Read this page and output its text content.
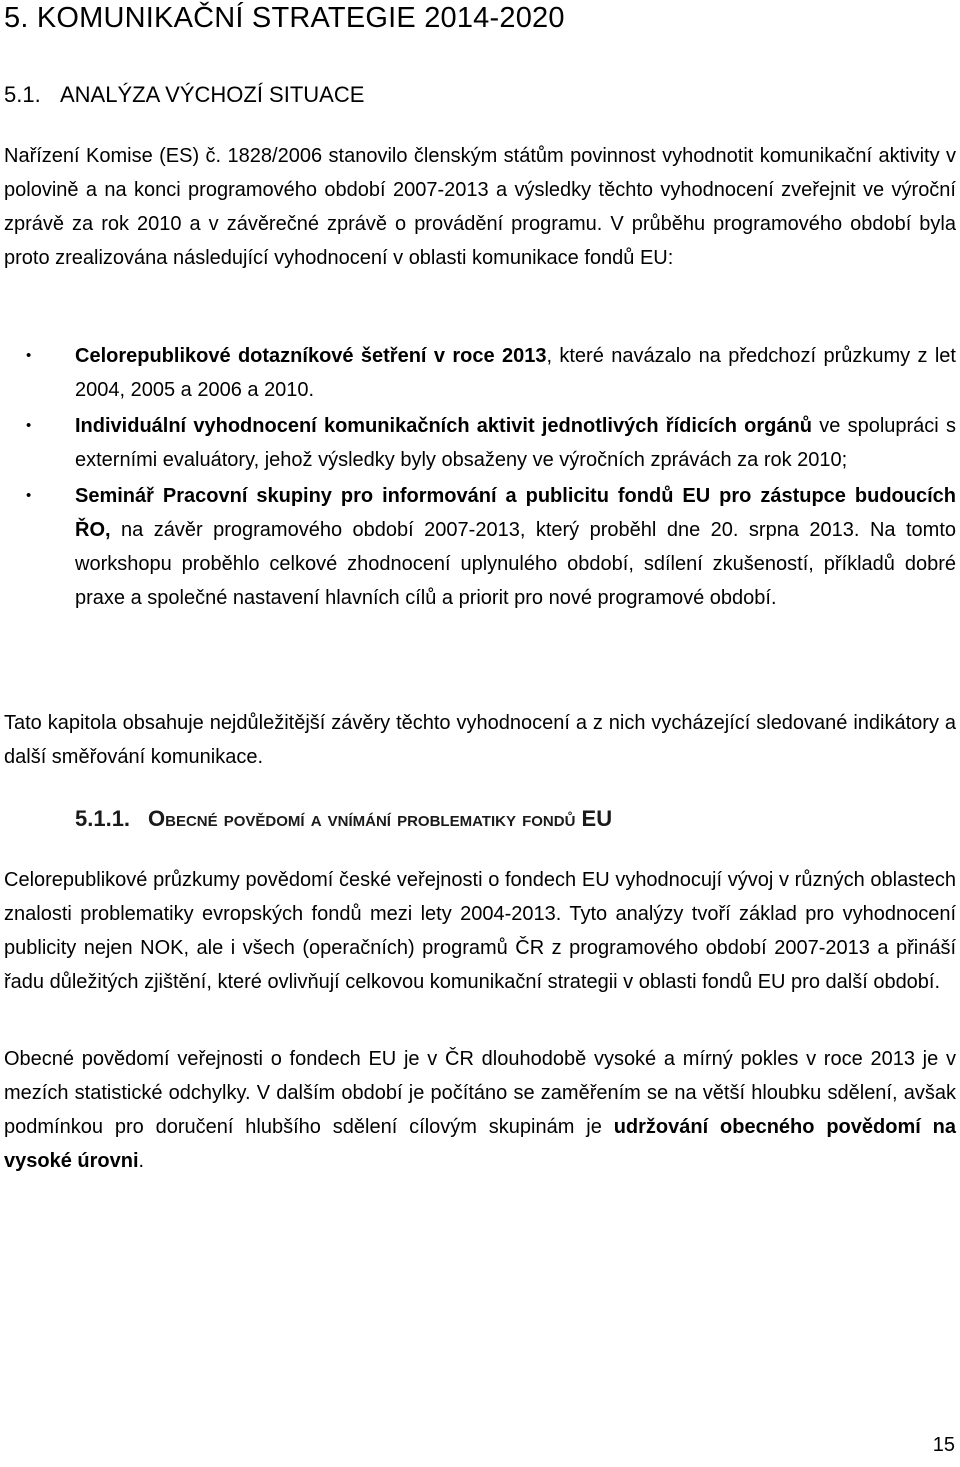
5. KOMUNIKAČNÍ STRATEGIE 2014-2020
5.1. ANALÝZA VÝCHOZÍ SITUACE

Nařízení Komise (ES) č. 1828/2006 stanovilo členským státům povinnost vyhodnotit komunikační aktivity v polovině a na konci programového období 2007-2013 a výsledky těchto vyhodnocení zveřejnit ve výroční zprávě za rok 2010 a v závěrečné zprávě o provádění programu. V průběhu programového období byla proto zrealizována následující vyhodnocení v oblasti komunikace fondů EU:

• Celorepublikové dotazníkové šetření v roce 2013, které navázalo na předchozí průzkumy z let 2004, 2005 a 2006 a 2010.
• Individuální vyhodnocení komunikačních aktivit jednotlivých řídicích orgánů ve spolupráci s externími evaluátory, jehož výsledky byly obsaženy ve výročních zprávách za rok 2010;
• Seminář Pracovní skupiny pro informování a publicitu fondů EU pro zástupce budoucích ŘO, na závěr programového období 2007-2013, který proběhl dne 20. srpna 2013. Na tomto workshopu proběhlo celkové zhodnocení uplynulého období, sdílení zkušeností, příkladů dobré praxe a společné nastavení hlavních cílů a priorit pro nové programové období.

Tato kapitola obsahuje nejdůležitější závěry těchto vyhodnocení a z nich vycházející sledované indikátory a další směřování komunikace.

5.1.1. Obecné povědomí a vnímání problematiky fondů EU

Celorepublikové průzkumy povědomí české veřejnosti o fondech EU vyhodnocují vývoj v různých oblastech znalosti problematiky evropských fondů mezi lety 2004-2013. Tyto analýzy tvoří základ pro vyhodnocení publicity nejen NOK, ale i všech (operačních) programů ČR z programového období 2007-2013 a přináší řadu důležitých zjištění, které ovlivňují celkovou komunikační strategii v oblasti fondů EU pro další období.

Obecné povědomí veřejnosti o fondech EU je v ČR dlouhodobě vysoké a mírný pokles v roce 2013 je v mezích statistické odchylky. V dalším období je počítáno se zaměřením se na větší hloubku sdělení, avšak podmínkou pro doručení hlubšího sdělení cílovým skupinám je udržování obecného povědomí na vysoké úrovni.

15
